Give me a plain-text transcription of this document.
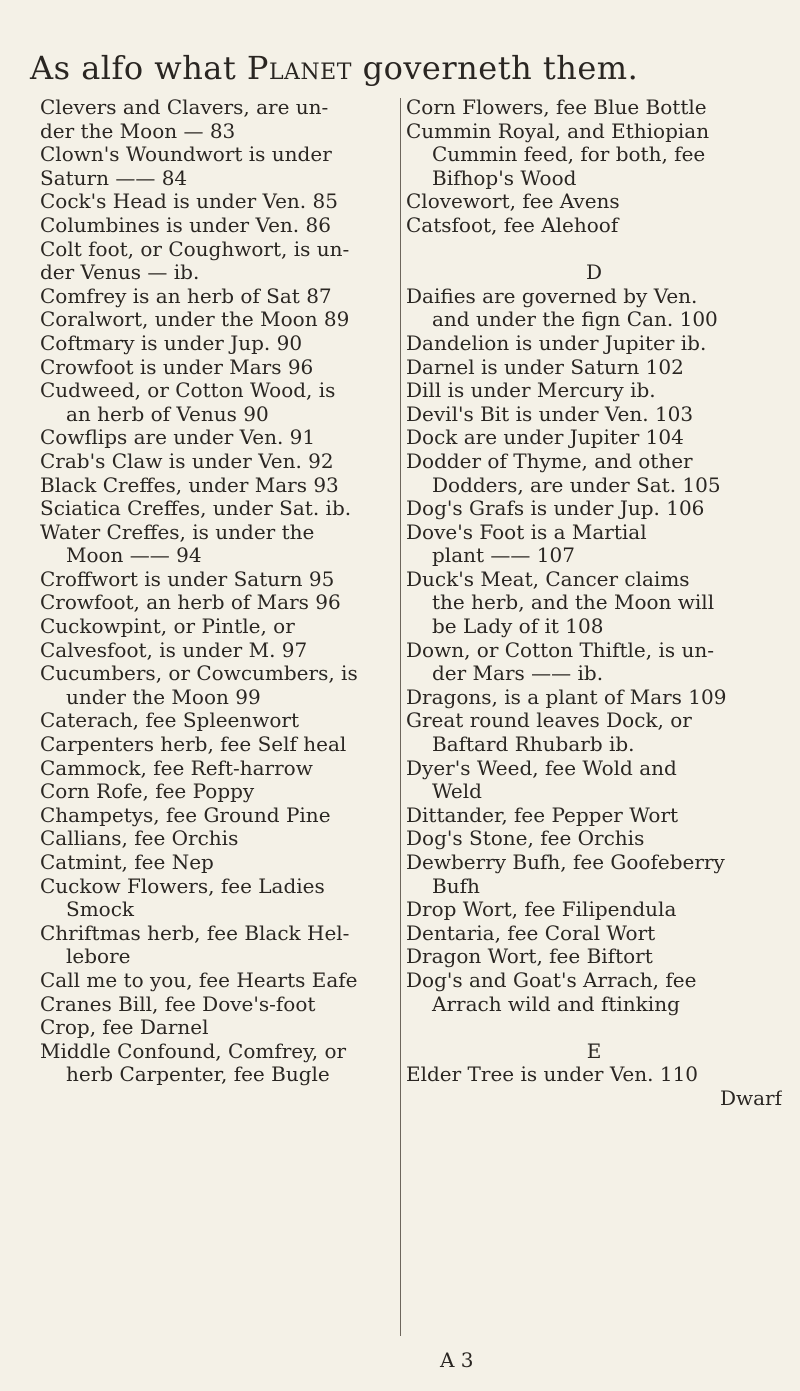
As alfo what Planet governeth them.
Clevers and Clavers, are un-
der the Moon — 83
Clown's Woundwort is under
Saturn —— 84
Cock's Head is under Ven. 85
Columbines is under Ven. 86
Colt foot, or Coughwort, is un-
der Venus — ib.
Comfrey is an herb of Sat 87
Coralwort, under the Moon 89
Coftmary is under Jup. 90
Crowfoot is under Mars 96
Cudweed, or Cotton Wood, is
an herb of Venus 90
Cowflips are under Ven. 91
Crab's Claw is under Ven. 92
Black Creffes, under Mars 93
Sciatica Creffes, under Sat. ib.
Water Creffes, is under the
Moon —— 94
Croffwort is under Saturn 95
Crowfoot, an herb of Mars 96
Cuckowpint, or Pintle, or
Calvesfoot, is under M. 97
Cucumbers, or Cowcumbers, is
under the Moon 99
Caterach, fee Spleenwort
Carpenters herb, fee Self heal
Cammock, fee Reft-harrow
Corn Rofe, fee Poppy
Champetys, fee Ground Pine
Callians, fee Orchis
Catmint, fee Nep
Cuckow Flowers, fee Ladies
Smock
Chriftmas herb, fee Black Hel-
lebore
Call me to you, fee Hearts Eafe
Cranes Bill, fee Dove's-foot
Crop, fee Darnel
Middle Confound, Comfrey, or
herb Carpenter, fee Bugle
Corn Flowers, fee Blue Bottle
Cummin Royal, and Ethiopian
Cummin feed, for both, fee
Bifhop's Wood
Clovewort, fee Avens
Catsfoot, fee Alehoof
D
Daifies are governed by Ven.
and under the fign Can. 100
Dandelion is under Jupiter ib.
Darnel is under Saturn 102
Dill is under Mercury ib.
Devil's Bit is under Ven. 103
Dock are under Jupiter 104
Dodder of Thyme, and other
Dodders, are under Sat. 105
Dog's Grafs is under Jup. 106
Dove's Foot is a Martial
plant —— 107
Duck's Meat, Cancer claims
the herb, and the Moon will
be Lady of it 108
Down, or Cotton Thiftle, is un-
der Mars —— ib.
Dragons, is a plant of Mars 109
Great round leaves Dock, or
Baftard Rhubarb ib.
Dyer's Weed, fee Wold and
Weld
Dittander, fee Pepper Wort
Dog's Stone, fee Orchis
Dewberry Bufh, fee Goofeberry
Bufh
Drop Wort, fee Filipendula
Dentaria, fee Coral Wort
Dragon Wort, fee Biftort
Dog's and Goat's Arrach, fee
Arrach wild and ftinking
E
Elder Tree is under Ven. 110
Dwarf
A 3
